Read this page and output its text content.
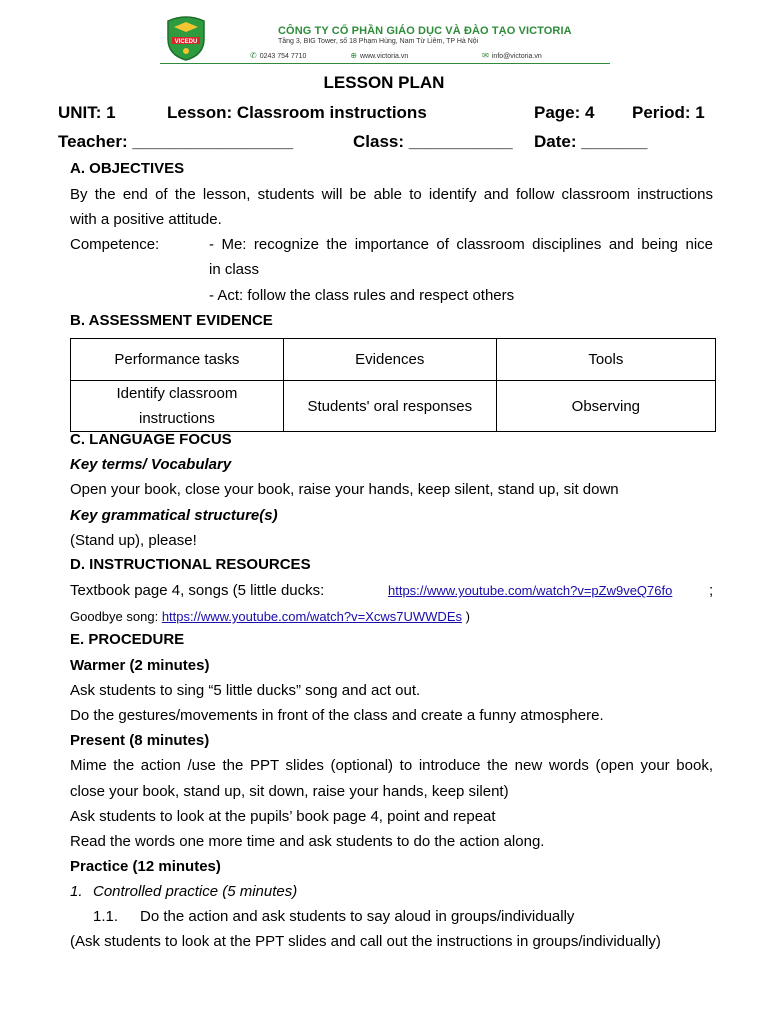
VICEDU
CÔNG TY CỔ PHẦN GIÁO DỤC VÀ ĐÀO TẠO VICTORIA
Tầng 3, BIG Tower, số 18 Phạm Hùng, Nam Từ Liêm, TP Hà Nội
✆ 0243 754 7710	⊕ www.victoria.vn	✉ info@victoria.vn
LESSON PLAN
UNIT: 1	Lesson: Classroom instructions	Page: 4 Period: 1
Teacher: _________________	Class: ___________ Date: _______
A. OBJECTIVES
By the end of the lesson, students will be able to identify and follow classroom instructions
with a positive attitude.
Competence:	- Me: recognize the importance of classroom disciplines and being nice
in class
- Act: follow the class rules and respect others
B. ASSESSMENT EVIDENCE
Performance tasks	Evidences	Tools
Identify classroom
instructions	Students' oral responses	Observing
C. LANGUAGE FOCUS
Key terms/ Vocabulary
Open your book, close your book, raise your hands, keep silent, stand up, sit down
Key grammatical structure(s)
(Stand up), please!
D. INSTRUCTIONAL RESOURCES
Textbook page 4, songs (5 little ducks:	https://www.youtube.com/watch?v=pZw9veQ76fo ;
Goodbye song: https://www.youtube.com/watch?v=Xcws7UWWDEs )
E. PROCEDURE
Warmer (2 minutes)
Ask students to sing “5 little ducks” song and act out.
Do the gestures/movements in front of the class and create a funny atmosphere.
Present (8 minutes)
Mime the action /use the PPT slides (optional) to introduce the new words (open your book,
close your book, stand up, sit down, raise your hands, keep silent)
Ask students to look at the pupils’ book page 4, point and repeat
Read the words one more time and ask students to do the action along.
Practice (12 minutes)
1. Controlled practice (5 minutes)
1.1. Do the action and ask students to say aloud in groups/individually
(Ask students to look at the PPT slides and call out the instructions in groups/individually)
